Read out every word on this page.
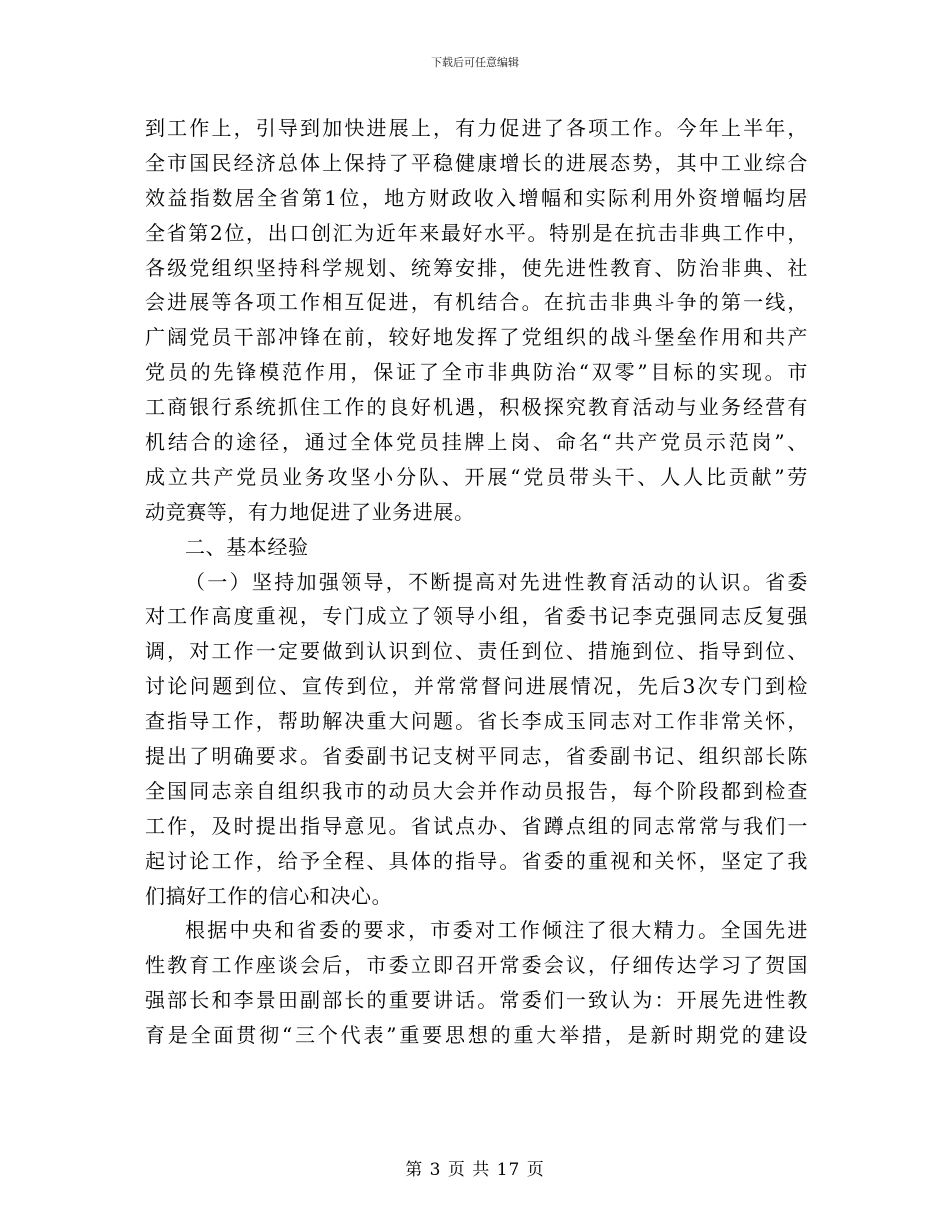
下载后可任意编辑
到工作上，引导到加快进展上，有力促进了各项工作。今年上半年，
全市国民经济总体上保持了平稳健康增长的进展态势，其中工业综合
效益指数居全省第1位，地方财政收入增幅和实际利用外资增幅均居
全省第2位，出口创汇为近年来最好水平。特别是在抗击非典工作中，
各级党组织坚持科学规划、统筹安排，使先进性教育、防治非典、社
会进展等各项工作相互促进，有机结合。在抗击非典斗争的第一线，
广阔党员干部冲锋在前，较好地发挥了党组织的战斗堡垒作用和共产
党员的先锋模范作用，保证了全市非典防治“双零”目标的实现。市
工商银行系统抓住工作的良好机遇，积极探究教育活动与业务经营有
机结合的途径，通过全体党员挂牌上岗、命名“共产党员示范岗”、
成立共产党员业务攻坚小分队、开展“党员带头干、人人比贡献”劳
动竞赛等，有力地促进了业务进展。
二、基本经验
（一）坚持加强领导，不断提高对先进性教育活动的认识。省委
对工作高度重视，专门成立了领导小组，省委书记李克强同志反复强
调，对工作一定要做到认识到位、责任到位、措施到位、指导到位、
讨论问题到位、宣传到位，并常常督问进展情况，先后3次专门到检
查指导工作，帮助解决重大问题。省长李成玉同志对工作非常关怀，
提出了明确要求。省委副书记支树平同志，省委副书记、组织部长陈
全国同志亲自组织我市的动员大会并作动员报告，每个阶段都到检查
工作，及时提出指导意见。省试点办、省蹲点组的同志常常与我们一
起讨论工作，给予全程、具体的指导。省委的重视和关怀，坚定了我
们搞好工作的信心和决心。
根据中央和省委的要求，市委对工作倾注了很大精力。全国先进
性教育工作座谈会后，市委立即召开常委会议，仔细传达学习了贺国
强部长和李景田副部长的重要讲话。常委们一致认为：开展先进性教
育是全面贯彻“三个代表”重要思想的重大举措，是新时期党的建设
第 3 页 共 17 页
